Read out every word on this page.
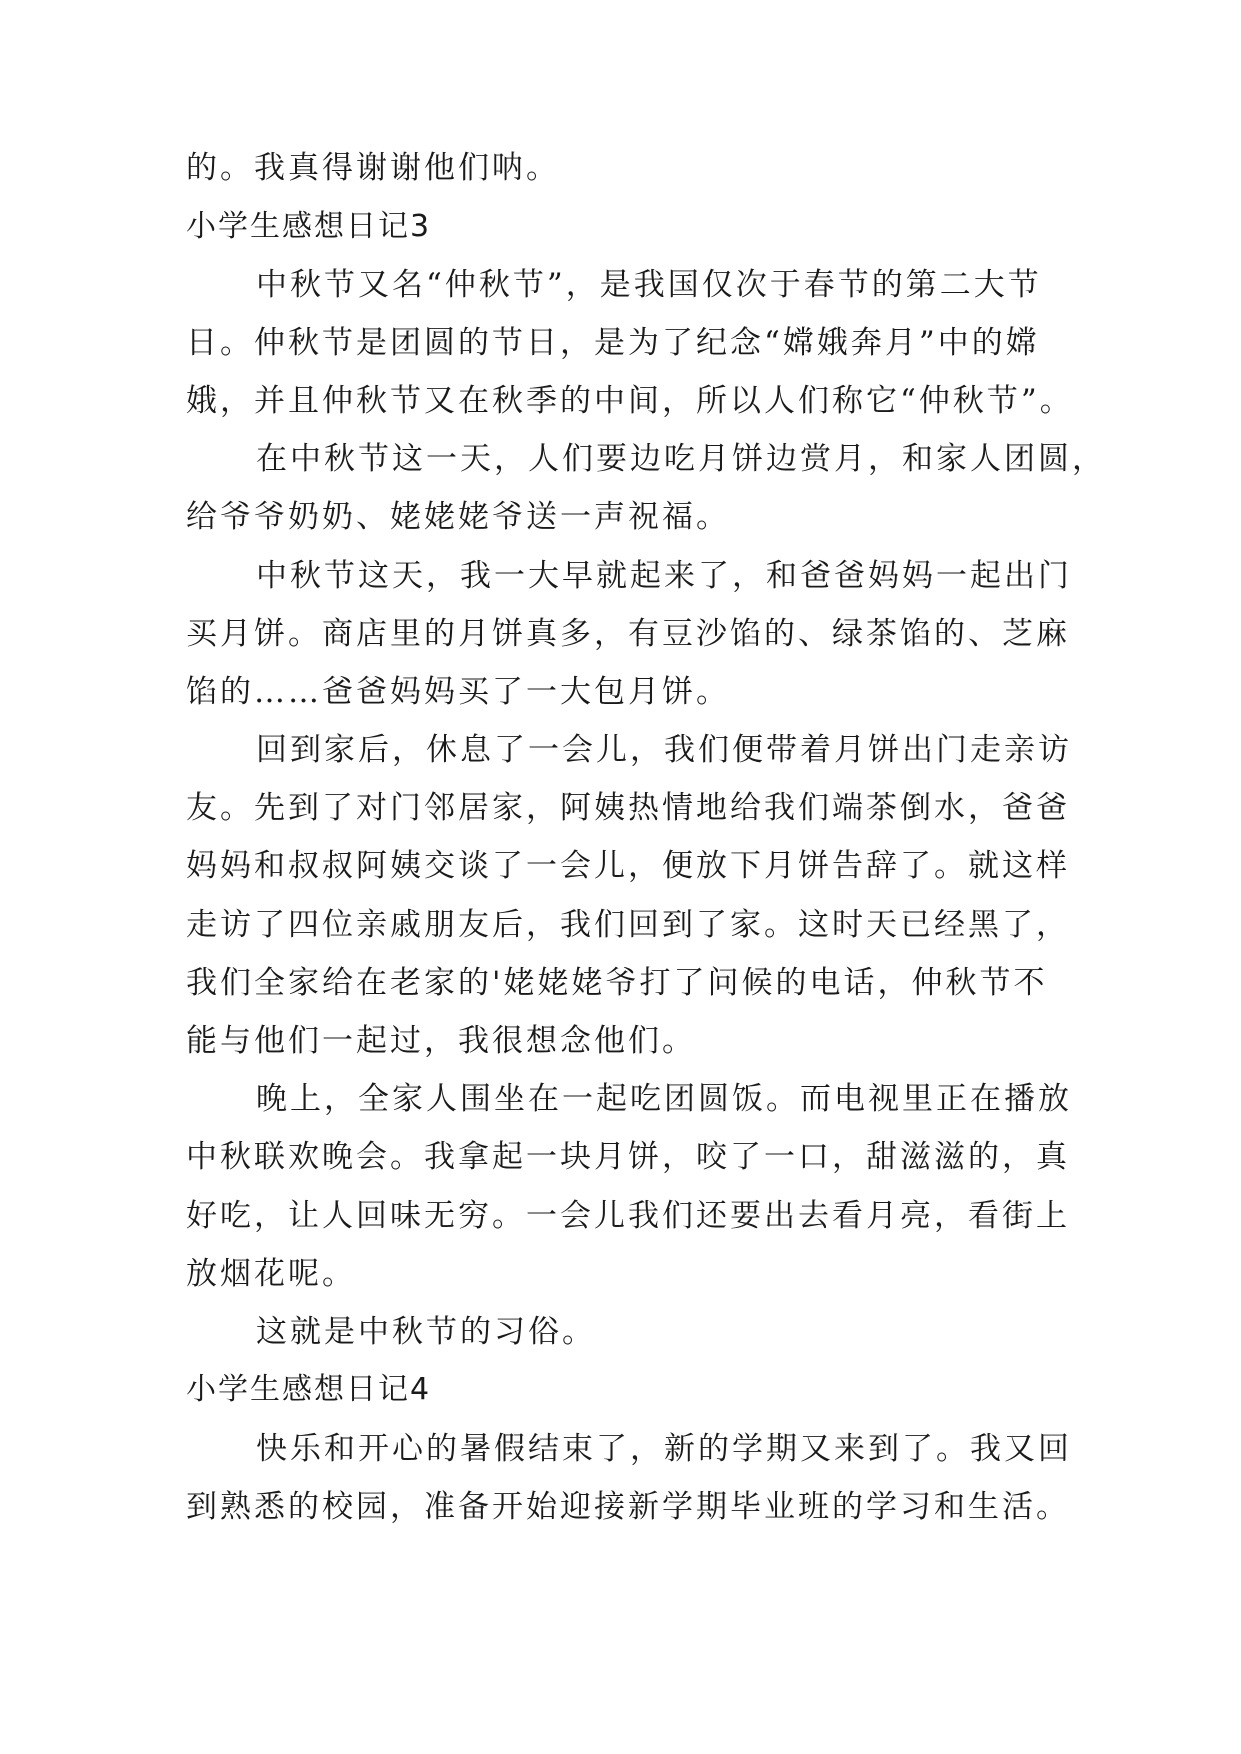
的。我真得谢谢他们呐。
小学生感想日记3
中秋节又名“仲秋节”，是我国仅次于春节的第二大节
日。仲秋节是团圆的节日，是为了纪念“嫦娥奔月”中的嫦
娥，并且仲秋节又在秋季的中间，所以人们称它“仲秋节”。
在中秋节这一天，人们要边吃月饼边赏月，和家人团圆，
给爷爷奶奶、姥姥姥爷送一声祝福。
中秋节这天，我一大早就起来了，和爸爸妈妈一起出门
买月饼。商店里的月饼真多，有豆沙馅的、绿茶馅的、芝麻
馅的……爸爸妈妈买了一大包月饼。
回到家后，休息了一会儿，我们便带着月饼出门走亲访
友。先到了对门邻居家，阿姨热情地给我们端茶倒水，爸爸
妈妈和叔叔阿姨交谈了一会儿，便放下月饼告辞了。就这样
走访了四位亲戚朋友后，我们回到了家。这时天已经黑了，
我们全家给在老家的'姥姥姥爷打了问候的电话，仲秋节不
能与他们一起过，我很想念他们。
晚上，全家人围坐在一起吃团圆饭。而电视里正在播放
中秋联欢晚会。我拿起一块月饼，咬了一口，甜滋滋的，真
好吃，让人回味无穷。一会儿我们还要出去看月亮，看街上
放烟花呢。
这就是中秋节的习俗。
小学生感想日记4
快乐和开心的暑假结束了，新的学期又来到了。我又回
到熟悉的校园，准备开始迎接新学期毕业班的学习和生活。
